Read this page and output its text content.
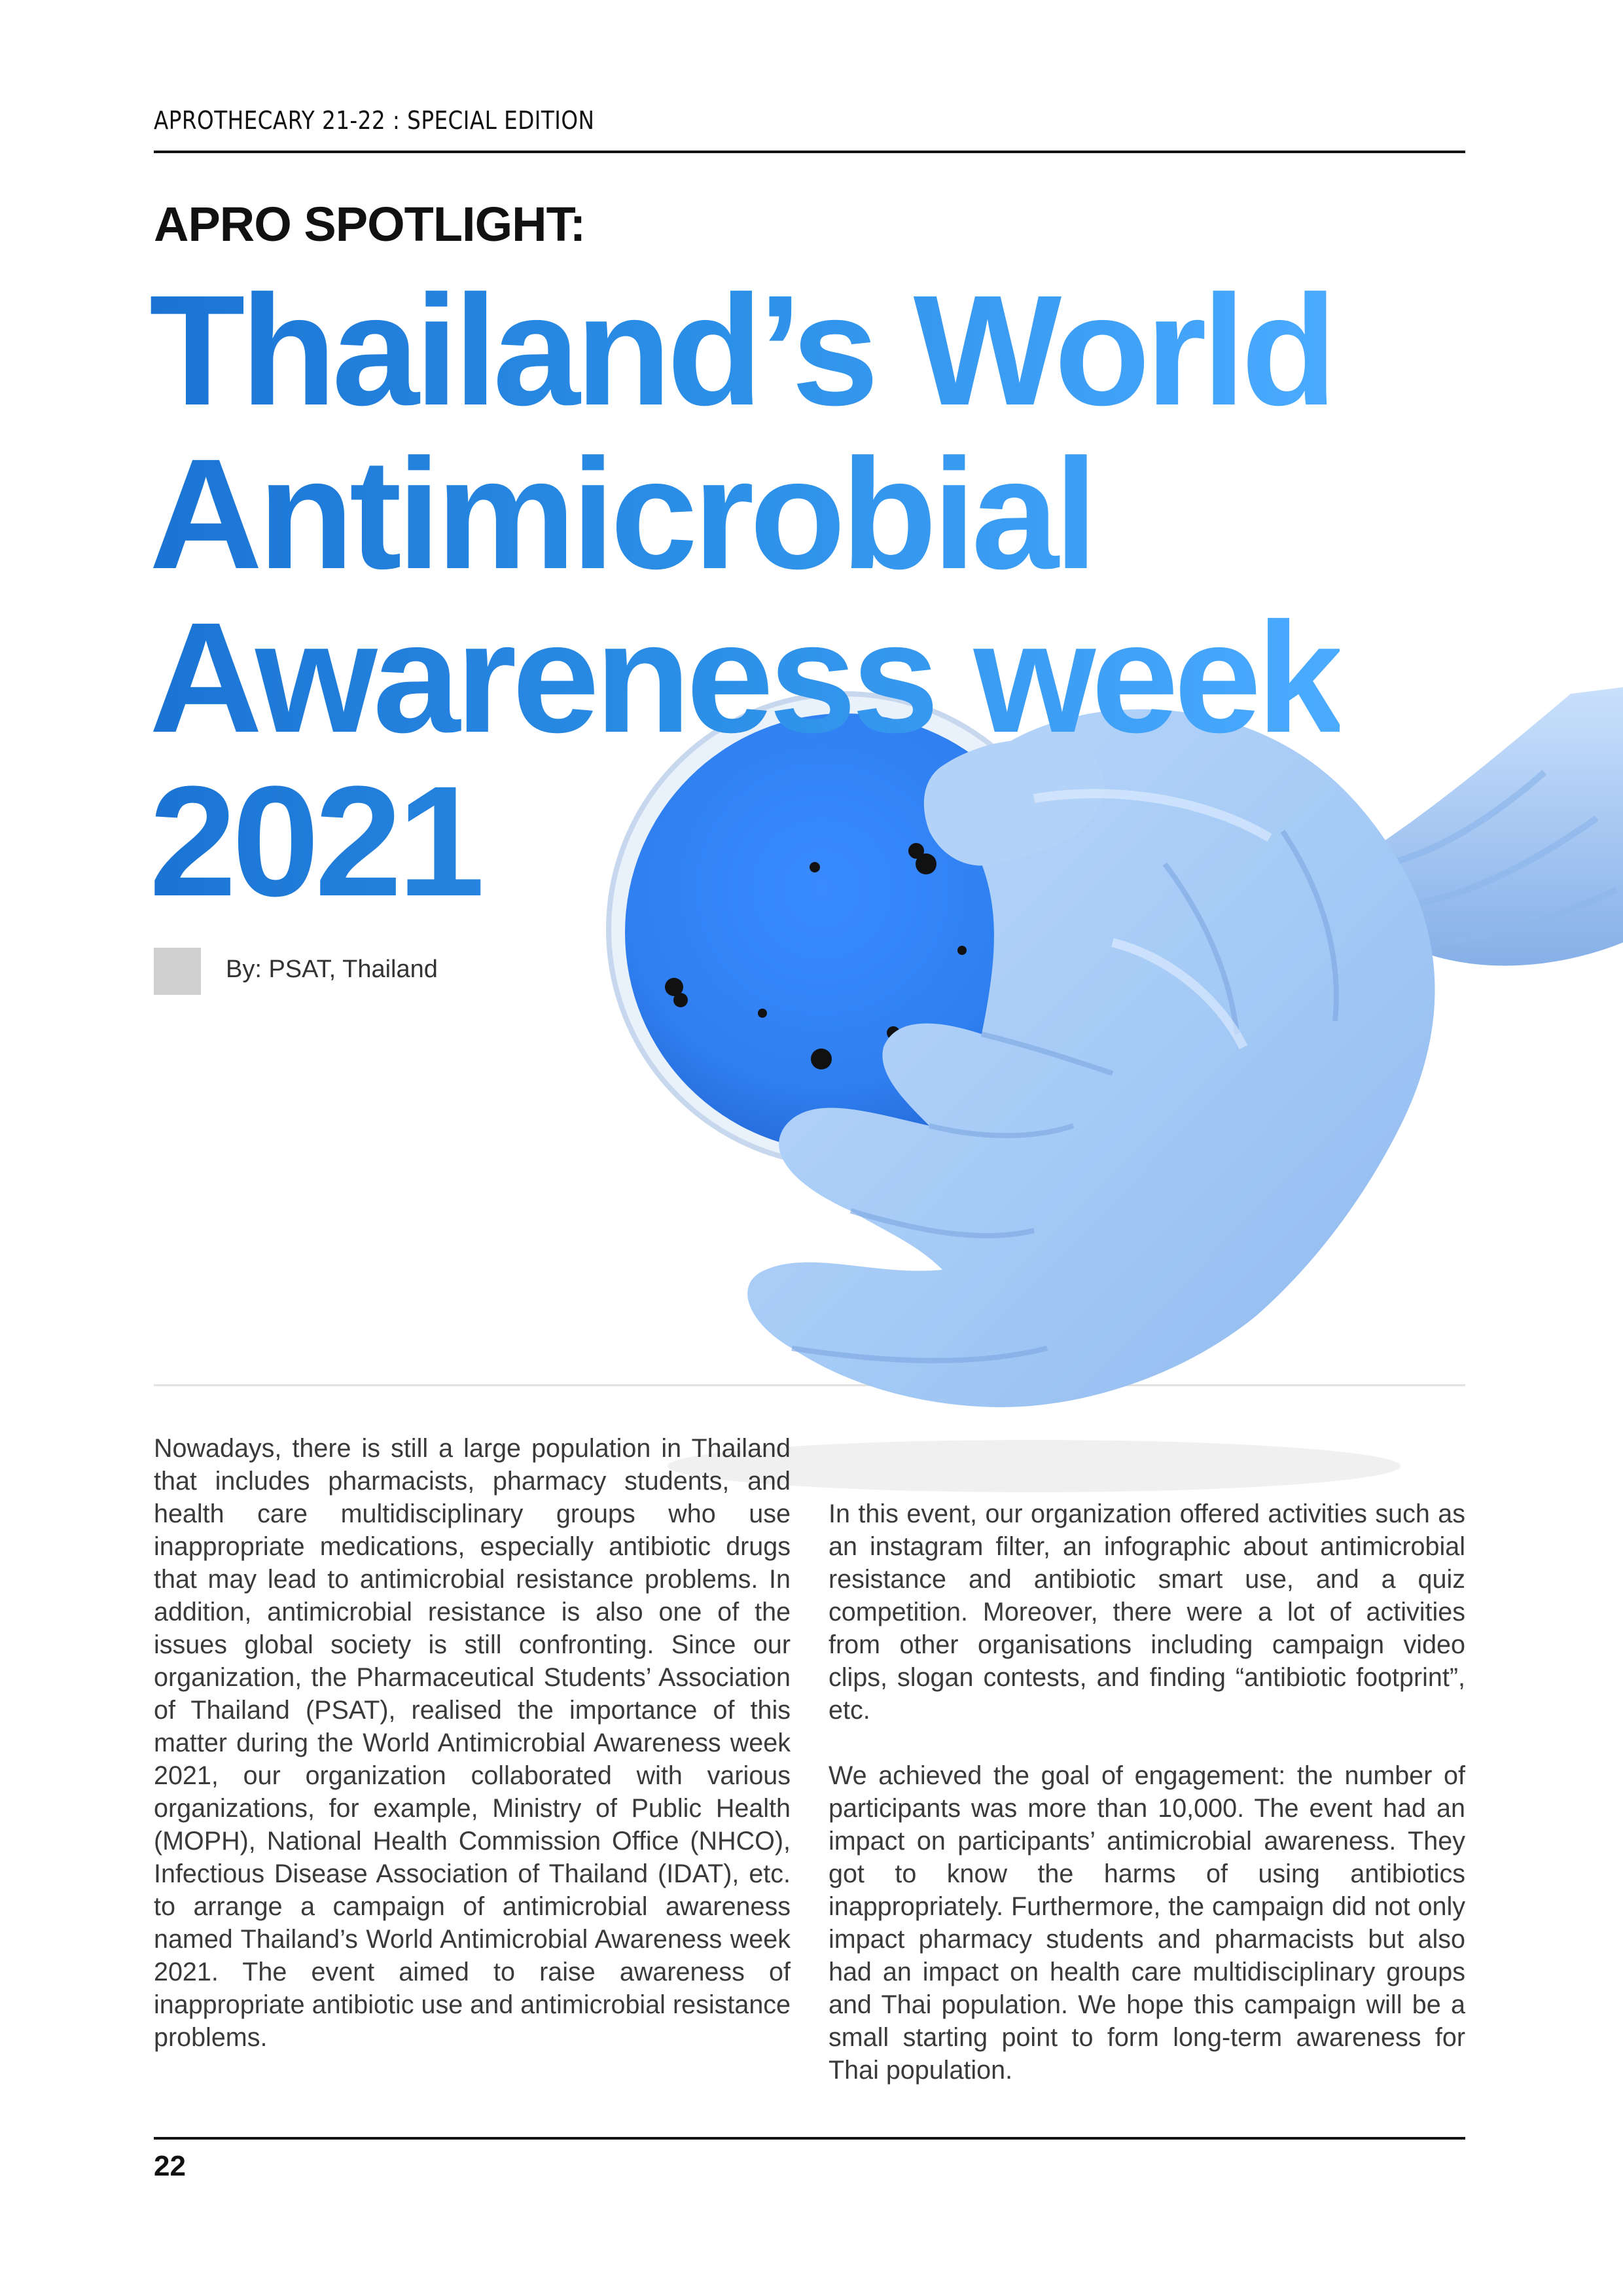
APROTHECARY 21-22 : SPECIAL EDITION
APRO SPOTLIGHT:
Thailand’s World
Antimicrobial
Awareness week
2021
By: PSAT, Thailand

Nowadays, there is still a large population in Thailand that includes pharmacists, pharmacy students, and health care multidisciplinary groups who use inappropriate medications, especially antibiotic drugs that may lead to antimicrobial resistance problems. In addition, antimicrobial resistance is also one of the issues global society is still confronting. Since our organization, the Pharmaceutical Students’ Association of Thailand (PSAT), realised the importance of this matter during the World Antimicrobial Awareness week 2021, our organization collaborated with various organizations, for example, Ministry of Public Health (MOPH), National Health Commission Office (NHCO), Infectious Disease Association of Thailand (IDAT), etc. to arrange a campaign of antimicrobial awareness named Thailand’s World Antimicrobial Awareness week 2021. The event aimed to raise awareness of inappropriate antibiotic use and antimicrobial resistance problems.

In this event, our organization offered activities such as an instagram filter, an infographic about antimicrobial resistance and antibiotic smart use, and a quiz competition. Moreover, there were a lot of activities from other organisations including campaign video clips, slogan contests, and finding “antibiotic footprint”, etc.

We achieved the goal of engagement: the number of participants was more than 10,000. The event had an impact on participants’ antimicrobial awareness. They got to know the harms of using antibiotics inappropriately. Furthermore, the campaign did not only impact pharmacy students and pharmacists but also had an impact on health care multidisciplinary groups and Thai population. We hope this campaign will be a small starting point to form long-term awareness for Thai population.

22
